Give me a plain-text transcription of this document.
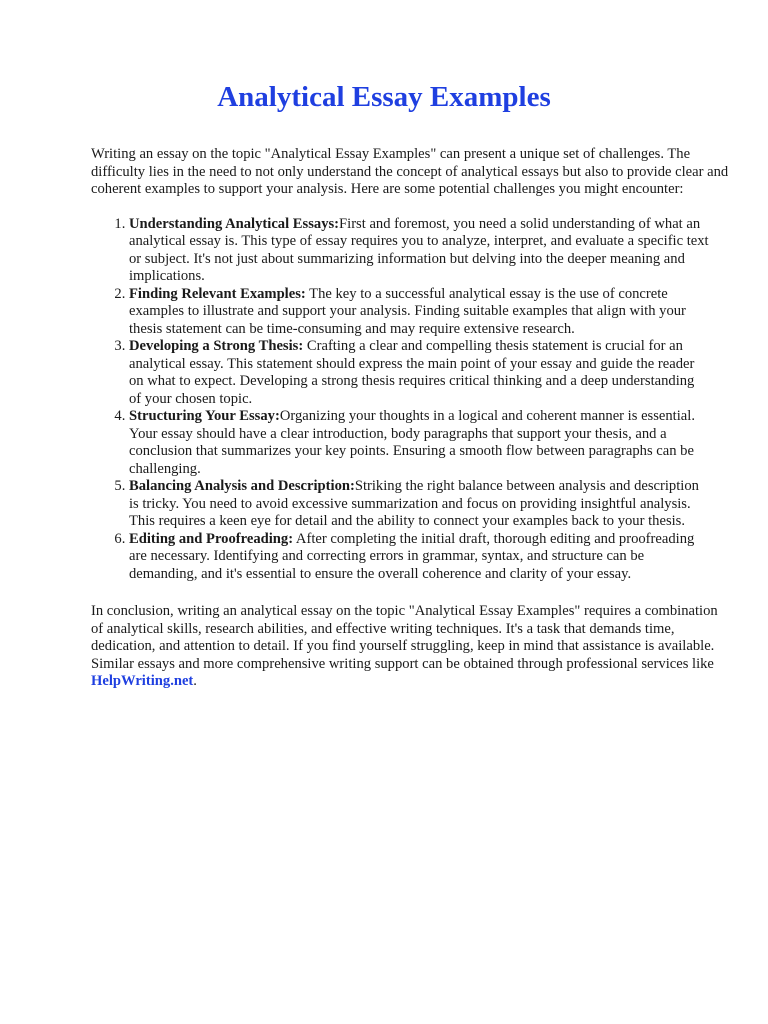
Analytical Essay Examples

Writing an essay on the topic "Analytical Essay Examples" can present a unique set of challenges. The difficulty lies in the need to not only understand the concept of analytical essays but also to provide clear and coherent examples to support your analysis. Here are some potential challenges you might encounter:

1. Understanding Analytical Essays:First and foremost, you need a solid understanding of what an analytical essay is. This type of essay requires you to analyze, interpret, and evaluate a specific text or subject. It's not just about summarizing information but delving into the deeper meaning and implications.
2. Finding Relevant Examples: The key to a successful analytical essay is the use of concrete examples to illustrate and support your analysis. Finding suitable examples that align with your thesis statement can be time-consuming and may require extensive research.
3. Developing a Strong Thesis: Crafting a clear and compelling thesis statement is crucial for an analytical essay. This statement should express the main point of your essay and guide the reader on what to expect. Developing a strong thesis requires critical thinking and a deep understanding of your chosen topic.
4. Structuring Your Essay:Organizing your thoughts in a logical and coherent manner is essential. Your essay should have a clear introduction, body paragraphs that support your thesis, and a conclusion that summarizes your key points. Ensuring a smooth flow between paragraphs can be challenging.
5. Balancing Analysis and Description:Striking the right balance between analysis and description is tricky. You need to avoid excessive summarization and focus on providing insightful analysis. This requires a keen eye for detail and the ability to connect your examples back to your thesis.
6. Editing and Proofreading: After completing the initial draft, thorough editing and proofreading are necessary. Identifying and correcting errors in grammar, syntax, and structure can be demanding, and it's essential to ensure the overall coherence and clarity of your essay.

In conclusion, writing an analytical essay on the topic "Analytical Essay Examples" requires a combination of analytical skills, research abilities, and effective writing techniques. It's a task that demands time, dedication, and attention to detail. If you find yourself struggling, keep in mind that assistance is available. Similar essays and more comprehensive writing support can be obtained through professional services like HelpWriting.net.
